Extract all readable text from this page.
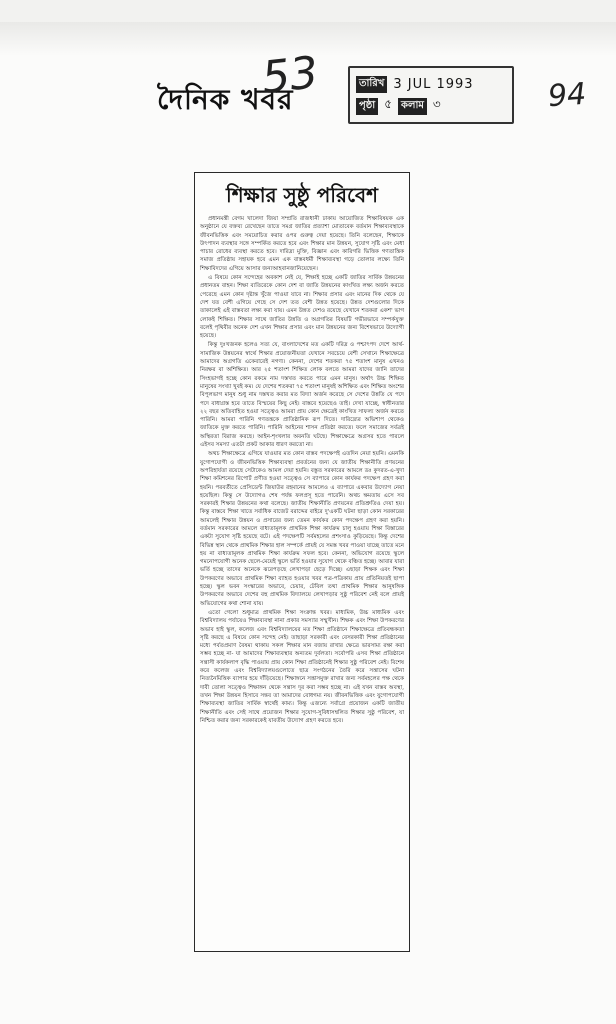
দৈনিক খবর
53	94
তারিখ 3 JUL 1993
পৃষ্ঠা ৫ কলাম ৩
শিক্ষার সুষ্ঠু পরিবেশ

প্রধানমন্ত্রী বেগম খালেদা জিয়া সম্প্রতি রাজধানী ঢাকায় আয়োজিত শিক্ষাবিষয়ক এক অনুষ্ঠানে যে বক্তব্য রেখেছেন তাতে সমগ্র জাতির প্রত্যাশা মোতাবেক বর্তমান শিক্ষাব্যবস্থাকে জীবনভিত্তিক এবং সময়োচিত করার ওপর গুরুত্ব দেয়া হয়েছে। তিনি বলেছেন, শিক্ষাকে উৎপাদন ব্যবস্থার সঙ্গে সম্পর্কিত করতে হবে এবং শিক্ষার মান উন্নয়ন, সুযোগ সৃষ্টি এবং মেধা পাচার রোধের ব্যবস্থা করতে হবে। দারিদ্র্য মুক্তি, বিজ্ঞান এবং কারিগরি ভিত্তিক গণতান্ত্রিক সমাজ প্রতিষ্ঠায় সহায়ক হবে এমন এক বাস্তবধর্মী শিক্ষাব্যবস্থা গড়ে তোলার লক্ষ্যে তিনি শিক্ষাবিদদের এগিয়ে আসার জন্যআহবানজানিয়েছেন।

এ বিষয়ে কোন সন্দেহের অবকাশ নেই যে, শিক্ষাই হচ্ছে একটি জাতির সার্বিক উন্নয়নের প্রধানতম বাহন। শিক্ষা ব্যতিরেকে কোন দেশ বা জাতি উন্নয়নের কাংখিত লক্ষ্য অর্জন করতে পেরেছে এমন কোন দৃষ্টান্ত খুঁজে পাওয়া যাবে না। শিক্ষার প্রসার এবং মানের দিক থেকে যে দেশ যত বেশী এগিয়ে গেছে সে দেশ তত বেশী উন্নত হয়েছে। উন্নত দেশগুলোর দিকে তাকালেই এই বাস্তবতা লক্ষ্য করা যায়। এমন উন্নত দেশও রয়েছে যেখানে শতকরা একশ' ভাগ লোকই শিক্ষিত। শিক্ষার সাথে জাতির উন্নতি ও অগ্রগতির বিষয়টি গভীরভাবে সম্পর্কযুক্ত বলেই পৃথিবীর অনেক দেশ এখন শিক্ষার প্রসার এবং মান উন্নয়নের জন্য বিশেষভাবে উদ্যোগী হয়েছে।

কিন্তু দুঃখজনক হলেও সত্য যে, বাংলাদেশের মত একটি দরিদ্র ও পশ্চাৎপদ দেশে আর্থ-সামাজিক উন্নয়নের স্বার্থে শিক্ষার প্রয়োজনীয়তা যেখানে সবচেয়ে বেশী সেখানে শিক্ষাক্ষেত্রে আমাদের অগ্রগতি একেবারেই নগণ্য। কেননা, দেশের শতকরা ৭৫ শতাংশ মানুষ এখনও নিরক্ষর বা অশিক্ষিত। আর ২৫ শতাংশ শিক্ষিত লোক বলতে আমরা যাদের জানি তাদের সিংহভাগই হচ্ছে কোন রকমে নাম দস্তখত করতে পারে এমন মানুষ। অর্থাৎ উচ্চ শিক্ষিত মানুষের সংখ্যা খুবই কম। যে দেশের শতকরা ৭৫ শতাংশ মানুষই অশিক্ষিত এবং শিক্ষিত অংশের বিপুলভাগ মানুষ শুধু নাম দস্তখত করার মত বিদ্যা অর্জন করেছে সে দেশের উন্নতি যে পদে পদে বাধাগ্রস্ত হবে তাতে বিস্ময়ের কিছু নেই। বাস্তবে হয়েছেও তাই। দেখা যাচ্ছে, স্বাধীনতার ২২ বছর অতিবাহিত হওয়া সত্ত্বেও আমরা প্রায় কোন ক্ষেত্রেই কাংখিত সাফল্য অর্জন করতে পারিনি। আমরা পারিনি গণতন্ত্রকে প্রাতিষ্ঠানিক রূপ দিতে। দারিদ্র্যের অভিশাপ থেকেও জাতিকে মুক্ত করতে পারিনি। পারিনি আইনের শাসন প্রতিষ্ঠা করতে। ফলে সমাজের সর্বত্রই অস্থিরতা বিরাজ করছে। আইন-শৃংখলার অবনতি ঘটছে। শিক্ষাক্ষেত্রে অগ্রসর হতে পারলে এইসব সমস্যা এতটা প্রকট আকার ধারণ করতো না।

অথচ শিক্ষাক্ষেত্রে এগিয়ে যাওয়ার মত কোন বাস্তব পদক্ষেপই এতদিন নেয়া হয়নি। এমনকি যুগোপযোগী ও জীবনভিত্তিক শিক্ষাব্যবস্থা প্রবর্তনের জন্য যে জাতীয় শিক্ষানীতি প্রণয়নের অপরিহার্যতা রয়েছে সেটাকেও আমল দেয়া হয়নি। বস্তুত সরকারের আমলে ডঃ কুদরত-এ-খুদা শিক্ষা কমিশনের রিপোর্ট প্রণীত হওয়া সত্ত্বেও সে ব্যাপারে কোন কার্যকর পদক্ষেপ গ্রহণ করা হয়নি। পরবর্তীতে প্রেসিডেন্ট জিয়াউর রহমানের আমলেও এ ব্যাপারে একবার উদ্যোগ নেয়া হয়েছিল। কিন্তু সে উদ্যোগও শেষ পর্যন্ত ফলপ্রসূ হতে পারেনি। অথচ ক্ষমতায় এসে সব সরকারই শিক্ষার উন্নয়নের কথা বলেছে। জাতীয় শিক্ষানীতি প্রণয়নের প্রতিশ্রুতিও দেয়া হয়। কিন্তু বাস্তবে শিক্ষা খাতে সর্বাধিক বাজেট বরাদ্দের বাইরে দু'একটি ঘটনা ছাড়া কোন সরকারের আমলেই শিক্ষার উন্নয়ন ও প্রসারের জন্য তেমন কার্যকর কোন পদক্ষেপ গ্রহণ করা হয়নি। বর্তমান সরকারের আমলে বাধ্যতামূলক প্রাথমিক শিক্ষা কার্যক্রম চালু হওয়ায় শিক্ষা বিস্তারের একটা সুযোগ সৃষ্টি হয়েছে বটে। এই পদক্ষেপটি সর্বমহলের প্রশংসাও কুড়িয়েছে। কিন্তু দেশের বিভিন্ন স্থান থেকে প্রাথমিক শিক্ষার হাল সম্পর্কে প্রায়ই যে সমস্ত খবর পাওয়া যাচ্ছে তাতে মনে হয় না বাধ্যতামূলক প্রাথমিক শিক্ষা কার্যক্রম সফল হবে। কেননা, অভিযোগ রয়েছে স্কুলে গমনোপযোগী অনেক ছেলে-মেয়েই স্কুলে ভর্তি হওয়ার সুযোগ থেকে বঞ্চিত হচ্ছে। আবার যারা ভর্তি হচ্ছে তাদের অনেকে ঝরেপড়ছে লেখাপড়া ছেড়ে দিচ্ছে। এছাড়া শিক্ষক এবং শিক্ষা উপকরণের অভাবে প্রাথমিক শিক্ষা ব্যাহত হওয়ার খবর পত্র-পত্রিকায় প্রায় প্রতিনিয়তই ছাপা হচ্ছে। স্কুল ভবন সংস্কারের অভাবে, চেয়ার, টেবিল তথা প্রাথমিক শিক্ষার আনুষঙ্গিক উপকরণের অভাবে দেশের বহু প্রাথমিক বিদ্যালয়ে লেখাপড়ার সুষ্ঠু পরিবেশ নেই বলে প্রায়ই অভিযোগের কথা শোনা যায়।

এতো গেলো শুধুমাত্র প্রাথমিক শিক্ষা সংক্রান্ত খবর। মাধ্যমিক, উচ্চ মাধ্যমিক এবং বিশ্ববিদ্যালয় পর্যায়েও শিক্ষাব্যবস্থা নানা প্রকার সমস্যার সম্মুখীন। শিক্ষক এবং শিক্ষা উপকরণের অভাব হাই স্কুল, কলেজ এবং বিশ্ববিদ্যালয়ের মত শিক্ষা প্রতিষ্ঠানে শিক্ষাক্ষেত্রে প্রতিবন্ধকতা সৃষ্টি করছে এ বিষয়ে কোন সন্দেহ নেই। তাছাড়া সরকারী এবং বেসরকারী শিক্ষা প্রতিষ্ঠানের মধ্যে পর্বতপ্রমাণ বৈষম্য থাকায় সকল শিক্ষার মান বজায় রাখার ক্ষেত্রে ভারসাম্য রক্ষা করা সম্ভব হচ্ছে না- যা আমাদের শিক্ষাব্যবস্থার অন্যতম দুর্বলতা। সর্বোপরি এসব শিক্ষা প্রতিষ্ঠানে সন্ত্রাসী কার্যকলাপ বৃদ্ধি পাওয়ায় প্রায় কোন শিক্ষা প্রতিষ্ঠানেই শিক্ষার সুষ্ঠু পরিবেশ নেই। বিশেষ করে কলেজ এবং বিশ্ববিদ্যালয়গুলোতে ছাত্র সংগঠনের তৈরি করে সন্ত্রাসের ঘটনা নিত্যনৈমিত্তিক ব্যাপার হয়ে দাঁড়িয়েছে। শিক্ষাঙ্গনে সন্ত্রাসমুক্ত রাখার জন্য সর্বমহলের পক্ষ থেকে দাবী তোলা সত্ত্বেও শিক্ষাঙ্গন থেকে সন্ত্রাস দূর করা সম্ভব হচ্ছে না। এই যখন বাস্তব অবস্থা, তখন শিক্ষা উন্নয়ন হিসাবে সন্তব তা আমাদের বোধগম্য নয়। জীবনভিত্তিক এবং যুগোপযোগী শিক্ষাব্যবস্থা জাতির সার্বিক স্বার্থেই কাম্য। কিন্তু এজন্যে সর্বাগ্রে প্রয়োজন একটি জাতীয় শিক্ষানীতি এবং সেই সাথে প্রয়োজন শিক্ষার সুযোগ-সুবিধাসম্বলিত শিক্ষার সুষ্ঠু পরিবেশ, যা নিশ্চিত করার জন্য সরকারকেই যাবতীয় উদ্যোগ গ্রহণ করতে হবে।
